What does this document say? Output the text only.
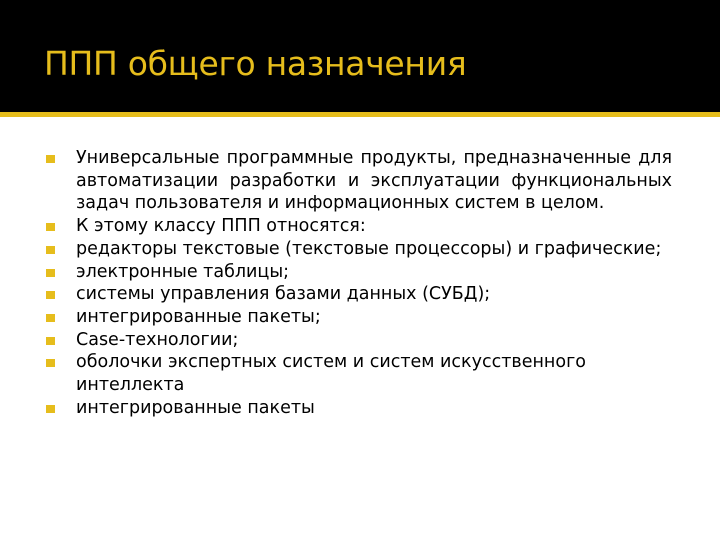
ППП общего назначения
Универсальные программные продукты, предназначенные для автоматизации разработки и эксплуатации функциональных задач пользователя и информационных систем в целом.
К этому классу ППП относятся:
редакторы текстовые (текстовые процессоры) и графические;
электронные таблицы;
системы управления базами данных (СУБД);
интегрированные пакеты;
Case-технологии;
оболочки экспертных систем и систем искусственного интеллекта
интегрированные пакеты
